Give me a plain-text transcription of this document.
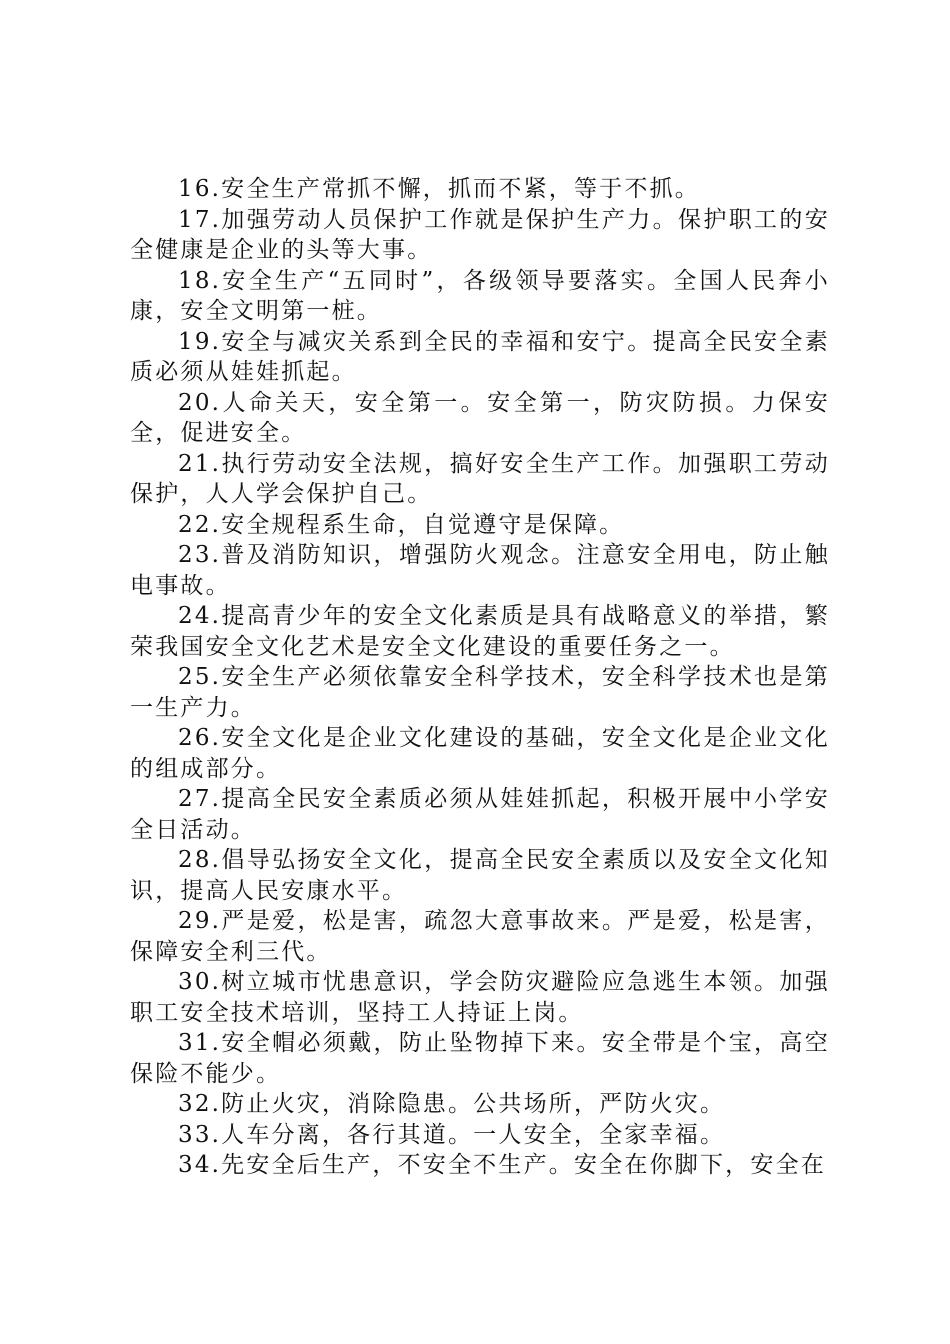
16.安全生产常抓不懈，抓而不紧，等于不抓。

17.加强劳动人员保护工作就是保护生产力。保护职工的安全健康是企业的头等大事。

18.安全生产“五同时”，各级领导要落实。全国人民奔小康，安全文明第一桩。

19.安全与减灾关系到全民的幸福和安宁。提高全民安全素质必须从娃娃抓起。

20.人命关天，安全第一。安全第一，防灾防损。力保安全，促进安全。

21.执行劳动安全法规，搞好安全生产工作。加强职工劳动保护，人人学会保护自己。

22.安全规程系生命，自觉遵守是保障。

23.普及消防知识，增强防火观念。注意安全用电，防止触电事故。

24.提高青少年的安全文化素质是具有战略意义的举措，繁荣我国安全文化艺术是安全文化建设的重要任务之一。

25.安全生产必须依靠安全科学技术，安全科学技术也是第一生产力。

26.安全文化是企业文化建设的基础，安全文化是企业文化的组成部分。

27.提高全民安全素质必须从娃娃抓起，积极开展中小学安全日活动。

28.倡导弘扬安全文化，提高全民安全素质以及安全文化知识，提高人民安康水平。

29.严是爱，松是害，疏忽大意事故来。严是爱，松是害，保障安全利三代。

30.树立城市忧患意识，学会防灾避险应急逃生本领。加强职工安全技术培训，坚持工人持证上岗。

31.安全帽必须戴，防止坠物掉下来。安全带是个宝，高空保险不能少。

32.防止火灾，消除隐患。公共场所，严防火灾。

33.人车分离，各行其道。一人安全，全家幸福。

34.先安全后生产，不安全不生产。安全在你脚下，安全在
